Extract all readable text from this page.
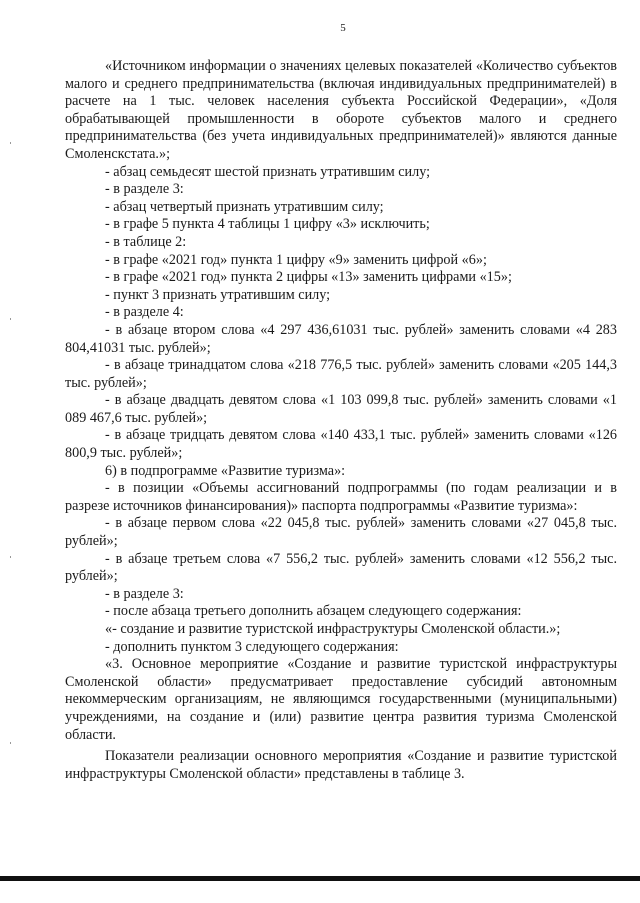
5

«Источником информации о значениях целевых показателей «Количество субъектов малого и среднего предпринимательства (включая индивидуальных предпринимателей) в расчете на 1 тыс. человек населения субъекта Российской Федерации», «Доля обрабатывающей промышленности в обороте субъектов малого и среднего предпринимательства (без учета индивидуальных предпринимателей)» являются данные Смоленскстата.»;

- абзац семьдесят шестой признать утратившим силу;

- в разделе 3:

- абзац четвертый признать утратившим силу;

- в графе 5 пункта 4 таблицы 1 цифру «3» исключить;

- в таблице 2:

- в графе «2021 год» пункта 1 цифру «9» заменить цифрой «6»;

- в графе «2021 год» пункта 2 цифры «13» заменить цифрами «15»;

- пункт 3 признать утратившим силу;

- в разделе 4:

- в абзаце втором слова «4 297 436,61031 тыс. рублей» заменить словами «4 283 804,41031 тыс. рублей»;

- в абзаце тринадцатом слова «218 776,5 тыс. рублей» заменить словами «205 144,3 тыс. рублей»;

- в абзаце двадцать девятом слова «1 103 099,8 тыс. рублей» заменить словами «1 089 467,6 тыс. рублей»;

- в абзаце тридцать девятом слова «140 433,1 тыс. рублей» заменить словами «126 800,9 тыс. рублей»;

6) в подпрограмме «Развитие туризма»:

- в позиции «Объемы ассигнований подпрограммы (по годам реализации и в разрезе источников финансирования)» паспорта подпрограммы «Развитие туризма»:

- в абзаце первом слова «22 045,8 тыс. рублей» заменить словами «27 045,8 тыс. рублей»;

- в абзаце третьем слова «7 556,2 тыс. рублей» заменить словами «12 556,2 тыс. рублей»;

- в разделе 3:

- после абзаца третьего дополнить абзацем следующего содержания:

«- создание и развитие туристской инфраструктуры Смоленской области.»;

- дополнить пунктом 3 следующего содержания:

«3. Основное мероприятие «Создание и развитие туристской инфраструктуры Смоленской области» предусматривает предоставление субсидий автономным некоммерческим организациям, не являющимся государственными (муниципальными) учреждениями, на создание и (или) развитие центра развития туризма Смоленской области.

Показатели реализации основного мероприятия «Создание и развитие туристской инфраструктуры Смоленской области» представлены в таблице 3.
